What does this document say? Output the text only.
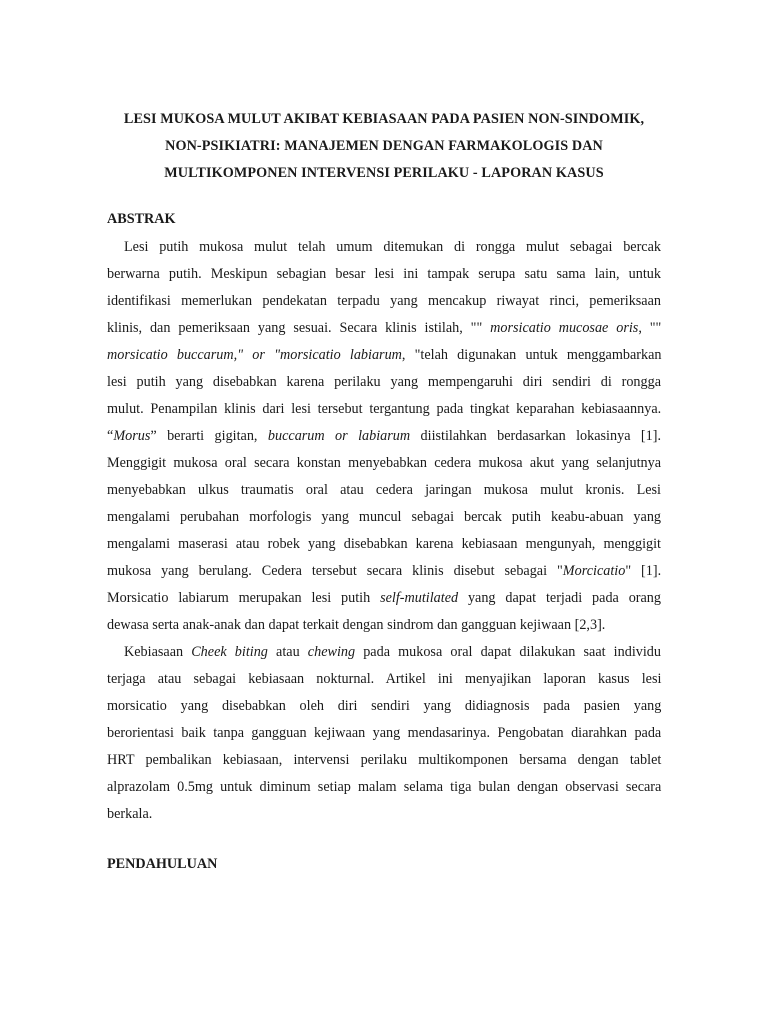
LESI MUKOSA MULUT AKIBAT KEBIASAAN PADA PASIEN NON-SINDOMIK,
NON-PSIKIATRI: MANAJEMEN DENGAN FARMAKOLOGIS DAN
MULTIKOMPONEN INTERVENSI PERILAKU - LAPORAN KASUS
ABSTRAK

Lesi putih mukosa mulut telah umum ditemukan di rongga mulut sebagai bercak
berwarna putih. Meskipun sebagian besar lesi ini tampak serupa satu sama lain, untuk
identifikasi memerlukan pendekatan terpadu yang mencakup riwayat rinci, pemeriksaan
klinis, dan pemeriksaan yang sesuai. Secara klinis istilah, "" morsicatio mucosae oris, ""
morsicatio buccarum," or "morsicatio labiarum, "telah digunakan untuk menggambarkan
lesi putih yang disebabkan karena perilaku yang mempengaruhi diri sendiri di rongga
mulut. Penampilan klinis dari lesi tersebut tergantung pada tingkat keparahan kebiasaannya.
“Morus” berarti gigitan, buccarum or labiarum diistilahkan berdasarkan lokasinya [1].
Menggigit mukosa oral secara konstan menyebabkan cedera mukosa akut yang selanjutnya
menyebabkan ulkus traumatis oral atau cedera jaringan mukosa mulut kronis. Lesi
mengalami perubahan morfologis yang muncul sebagai bercak putih keabu-abuan yang
mengalami maserasi atau robek yang disebabkan karena kebiasaan mengunyah, menggigit
mukosa yang berulang. Cedera tersebut secara klinis disebut sebagai "Morcicatio" [1].
Morsicatio labiarum merupakan lesi putih self-mutilated yang dapat terjadi pada orang
dewasa serta anak-anak dan dapat terkait dengan sindrom dan gangguan kejiwaan [2,3].

Kebiasaan Cheek biting atau chewing pada mukosa oral dapat dilakukan saat individu
terjaga atau sebagai kebiasaan nokturnal. Artikel ini menyajikan laporan kasus lesi
morsicatio yang disebabkan oleh diri sendiri yang didiagnosis pada pasien yang
berorientasi baik tanpa gangguan kejiwaan yang mendasarinya. Pengobatan diarahkan pada
HRT pembalikan kebiasaan, intervensi perilaku multikomponen bersama dengan tablet
alprazolam 0.5mg untuk diminum setiap malam selama tiga bulan dengan observasi secara
berkala.

PENDAHULUAN
